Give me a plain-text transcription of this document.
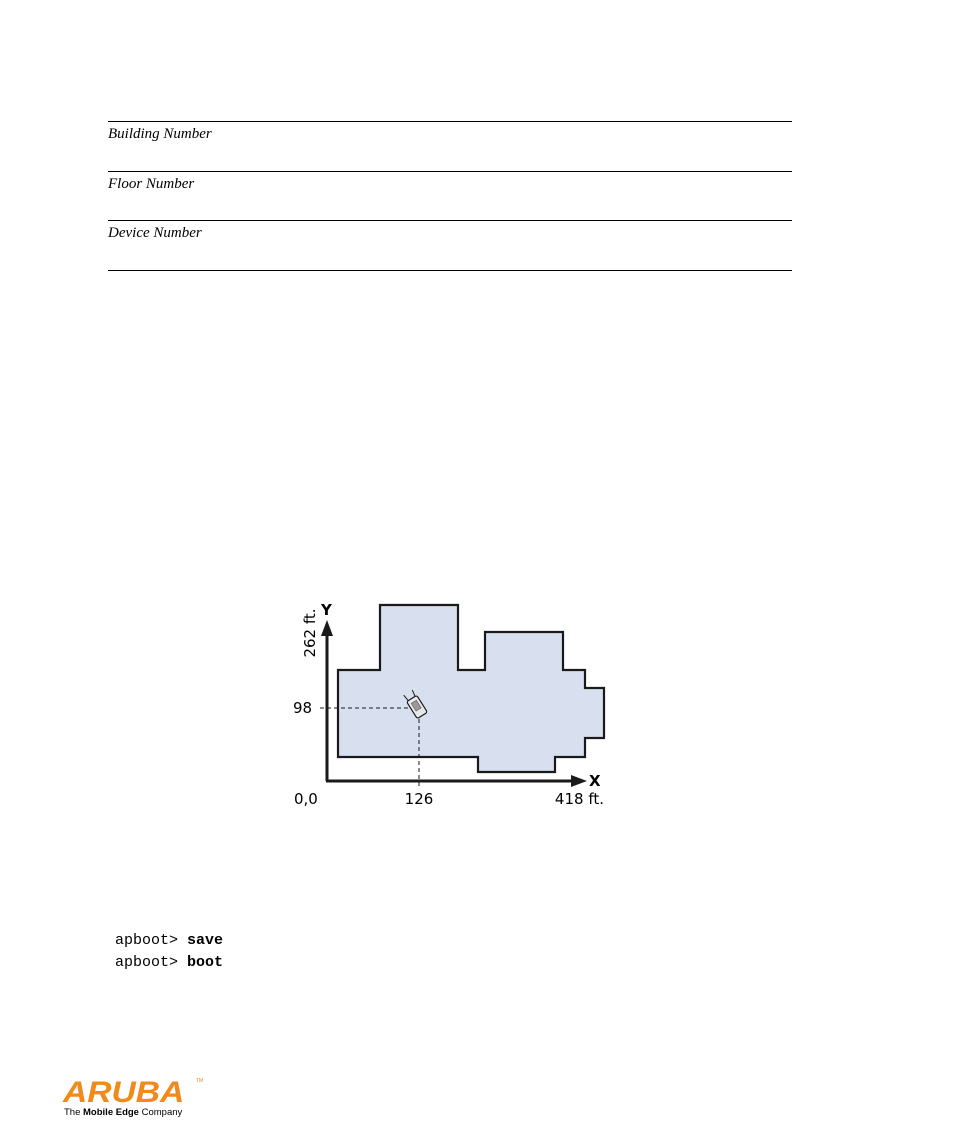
Building Number
Floor Number
Device Number
Y
X
262 ft.
98
0,0	126	418 ft.
apboot> save
apboot> boot
ARUBA TM
The Mobile Edge Company
